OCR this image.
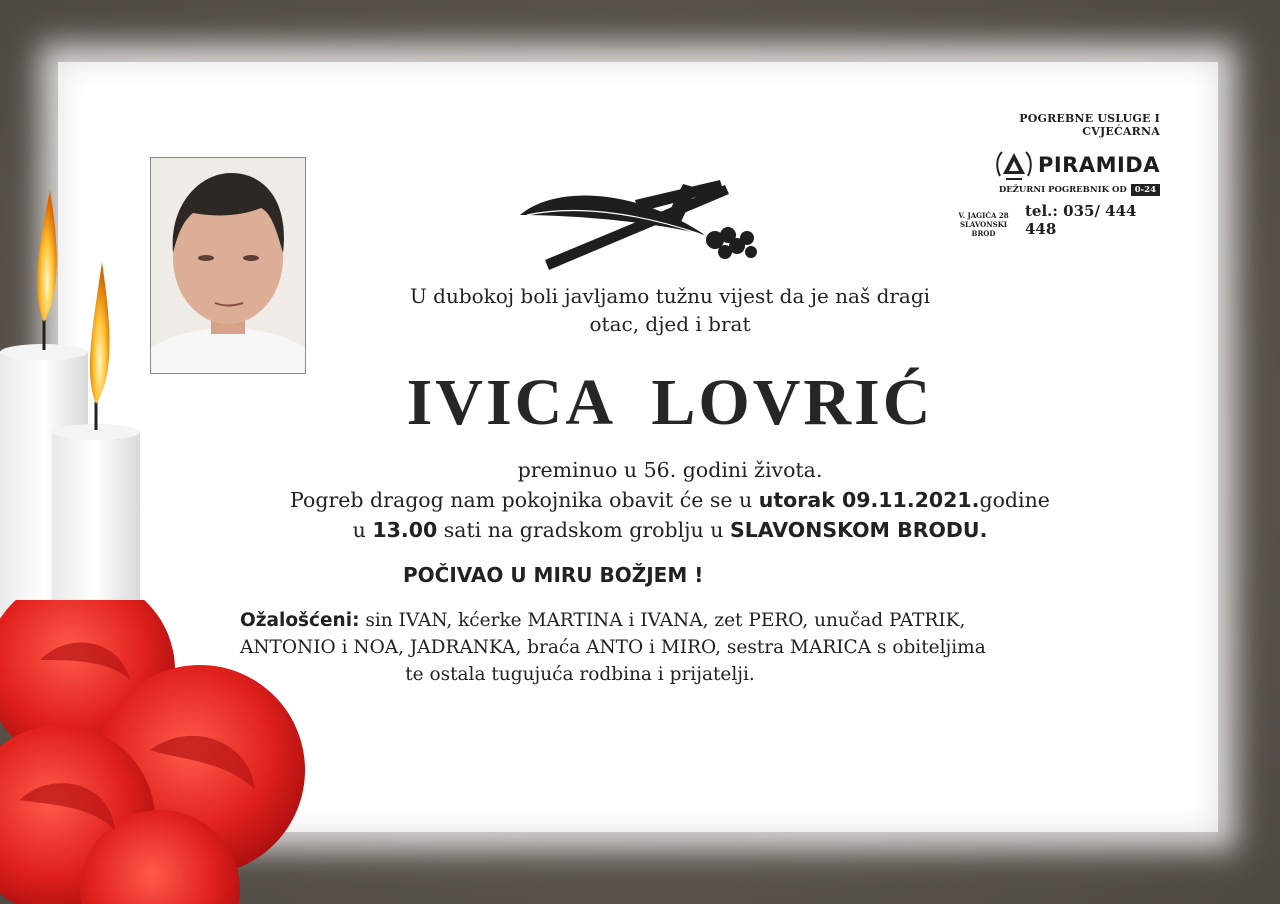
POGREBNE USLUGE I CVJEĆARNA
PIRAMIDA
DEŽURNI POGREBNIK OD 0-24
V. JAGIĆA 28
SLAVONSKI BROD
tel.: 035/ 444 448
U dubokoj boli javljamo tužnu vijest da je naš dragi
otac, djed i brat
IVICA  LOVRIĆ
preminuo u 56. godini života.
Pogreb dragog nam pokojnika obavit će se u utorak 09.11.2021.godine
u 13.00 sati na gradskom groblju u SLAVONSKOM BRODU.
POČIVAO U MIRU BOŽJEM !
Ožalošćeni: sin IVAN, kćerke MARTINA i IVANA, zet PERO, unučad PATRIK,
ANTONIO i NOA, JADRANKA, braća ANTO i MIRO, sestra MARICA s obiteljima

te ostala tugujuća rodbina i prijatelji.
